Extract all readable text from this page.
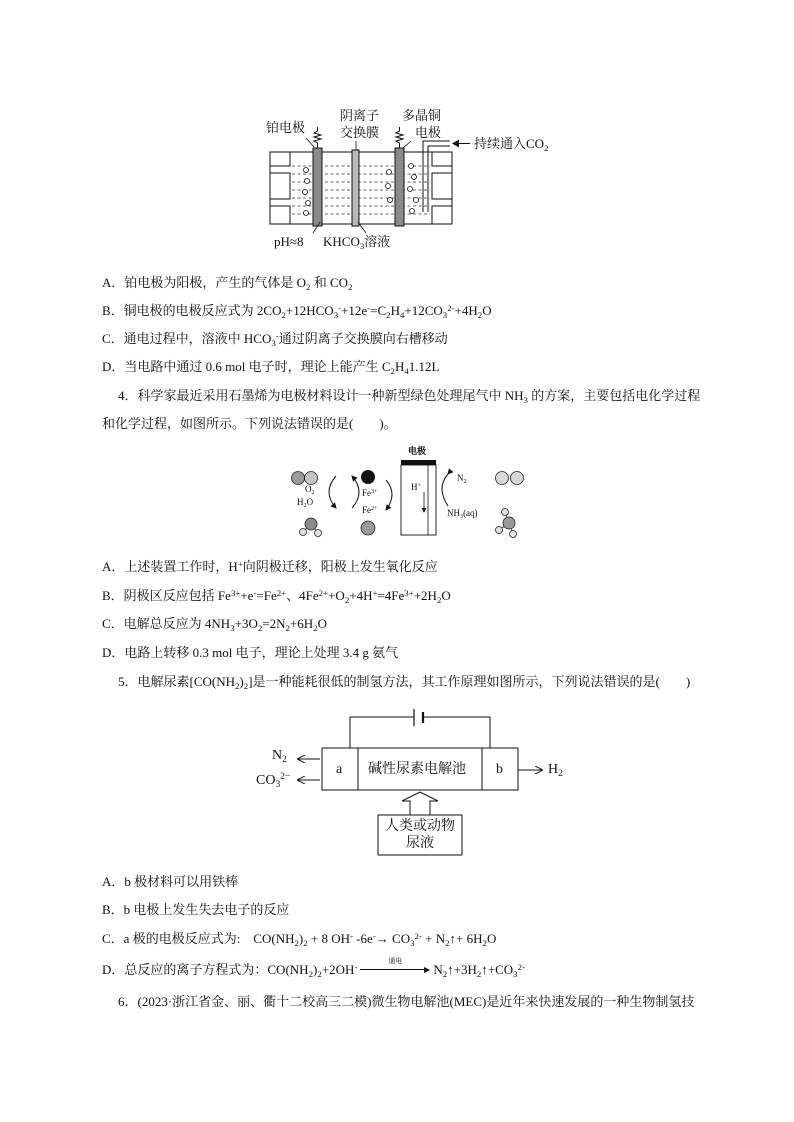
铂电极
阴离子
交换膜
多晶铜
电极
持续通入$CO_2$
pH≈8 $KHCO_3$溶液
A．铂电极为阳极，产生的气体是 $O_2$ 和 $CO_2$
B．铜电极的电极反应式为 $2CO_2+12HCO_3^-+12e^-=C_2H_4+12CO_3^{2-}+4H_2O$
C．通电过程中，溶液中 $HCO_3^-$通过阴离子交换膜向右槽移动
D．当电路中通过 0.6 mol 电子时，理论上能产生 $C_2H_41.12L$
4．科学家最近采用石墨烯为电极材料设计一种新型绿色处理尾气中 $NH_3$ 的方案，主要包括电化学过程
和化学过程，如图所示。下列说法错误的是(　　)。
电极
$O_2$
$H_2O$
$Fe^{3+}$
$Fe^{2+}$
H+
$N_2$
$NH_3(aq)$
A．上述装置工作时，H+向阴极迁移，阳极上发生氧化反应
B．阴极区反应包括 $Fe^{3+}+e^-=Fe^{2+}$、$4Fe^{2+}+O_2+4H^+=4Fe^{3+}+2H_2O$
C．电解总反应为 $4NH_3+3O_2=2N_2+6H_2O$
D．电路上转移 0.3 mol 电子，理论上处理 3.4 g 氨气
5．电解尿素$[CO(NH_2)_2]$是一种能耗很低的制氢方法，其工作原理如图所示，下列说法错误的是(　　)
a 碱性尿素电解池 b
$N_2$
$CO_3^{2-}$
$H_2$
人类或动物
尿液
A．b 极材料可以用铁棒
B．b 电极上发生失去电子的反应
C．a 极的电极反应式为:　$CO(NH_2)_2 + 8$ OH- $-6e^-\to CO_3^{2-}$ + $N_2↑+ 6H_2O$
D．总反应的离子方程式为：$CO(NH_2)_2+2OH^-$
通电
$N_2↑+3H_2↑+CO_3^{2-}$
6．(2023·浙江省金、丽、衢十二校高三二模)微生物电解池(MEC)是近年来快速发展的一种生物制氢技
